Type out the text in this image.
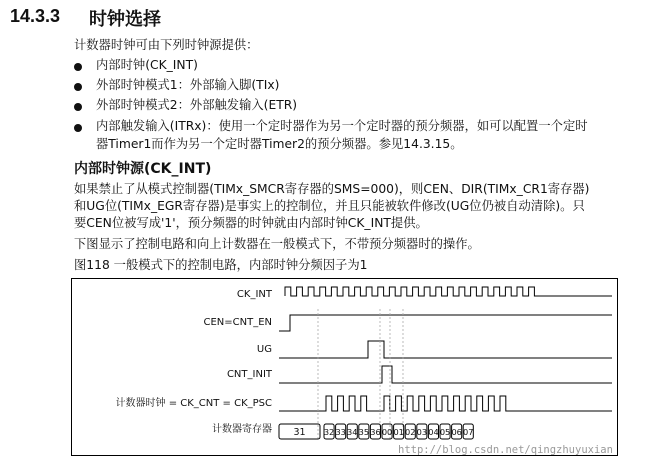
14.3.3 时钟选择
计数器时钟可由下列时钟源提供：
内部时钟(CK_INT)
外部时钟模式1：外部输入脚(TIx)
外部时钟模式2：外部触发输入(ETR)
内部触发输入(ITRx)：使用一个定时器作为另一个定时器的预分频器，如可以配置一个定时
器Timer1而作为另一个定时器Timer2的预分频器。参见14.3.15。
内部时钟源(CK_INT)
如果禁止了从模式控制器(TIMx_SMCR寄存器的SMS=000)，则CEN、DIR(TIMx_CR1寄存器)
和UG位(TIMx_EGR寄存器)是事实上的控制位，并且只能被软件修改(UG位仍被自动清除)。只
要CEN位被写成'1'，预分频器的时钟就由内部时钟CK_INT提供。
下图显示了控制电路和向上计数器在一般模式下，不带预分频器时的操作。
图118 一般模式下的控制电路，内部时钟分频因子为1
CK_INT
CEN=CNT_EN
UG
CNT_INIT
计数器时钟 = CK_CNT = CK_PSC
计数器寄存器 31 32 33 34 35 36 00 01 02 03 04 05 06 07
http://blog.csdn.net/qingzhuyuxian
